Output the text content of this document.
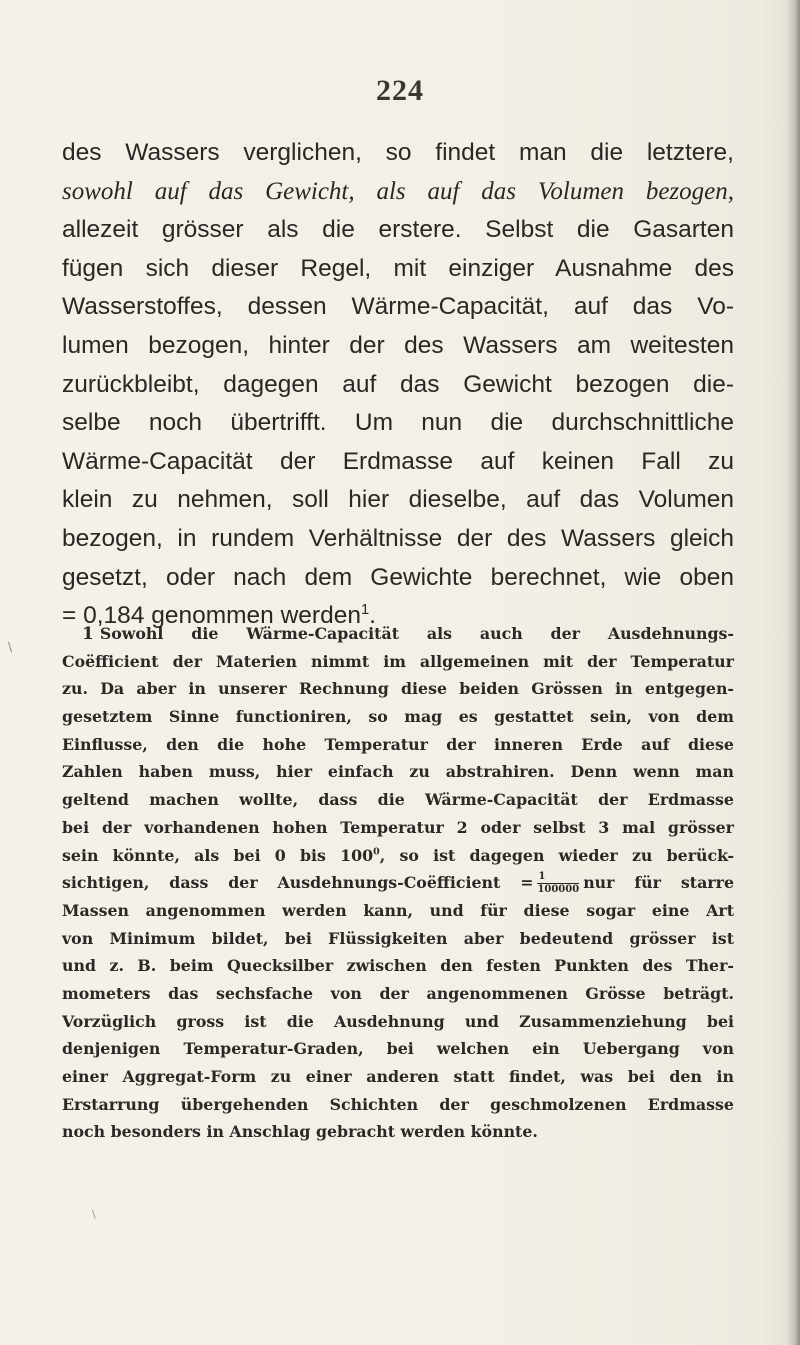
224
des Wassers verglichen, so findet man die letztere,
sowohl auf das Gewicht, als auf das Volumen bezogen,
allezeit grösser als die erstere. Selbst die Gasarten
fügen sich dieser Regel, mit einziger Ausnahme des
Wasserstoffes, dessen Wärme-Capacität, auf das Vo-
lumen bezogen, hinter der des Wassers am weitesten
zurückbleibt, dagegen auf das Gewicht bezogen die-
selbe noch übertrifft. Um nun die durchschnittliche
Wärme-Capacität der Erdmasse auf keinen Fall zu
klein zu nehmen, soll hier dieselbe, auf das Volumen
bezogen, in rundem Verhältnisse der des Wassers gleich
gesetzt, oder nach dem Gewichte berechnet, wie oben
= 0,184 genommen werden$^1$.
1 Sowohl die Wärme-Capacität als auch der Ausdehnungs-
Coëfficient der Materien nimmt im allgemeinen mit der Temperatur
zu. Da aber in unserer Rechnung diese beiden Grössen in entgegen-
gesetztem Sinne functioniren, so mag es gestattet sein, von dem
Einflusse, den die hohe Temperatur der inneren Erde auf diese
Zahlen haben muss, hier einfach zu abstrahiren. Denn wenn man
geltend machen wollte, dass die Wärme-Capacität der Erdmasse
bei der vorhandenen hohen Temperatur 2 oder selbst 3 mal grösser
sein könnte, als bei 0 bis $100^0$, so ist dagegen wieder zu berück-
sichtigen, dass der Ausdehnungs-Coëfficient = $\frac{1}{100000}$ nur für starre
Massen angenommen werden kann, und für diese sogar eine Art
von Minimum bildet, bei Flüssigkeiten aber bedeutend grösser ist
und z. B. beim Quecksilber zwischen den festen Punkten des Ther-
mometers das sechsfache von der angenommenen Grösse beträgt.
Vorzüglich gross ist die Ausdehnung und Zusammenziehung bei
denjenigen Temperatur-Graden, bei welchen ein Uebergang von
einer Aggregat-Form zu einer anderen statt findet, was bei den in
Erstarrung übergehenden Schichten der geschmolzenen Erdmasse
noch besonders in Anschlag gebracht werden könnte.
\
\
